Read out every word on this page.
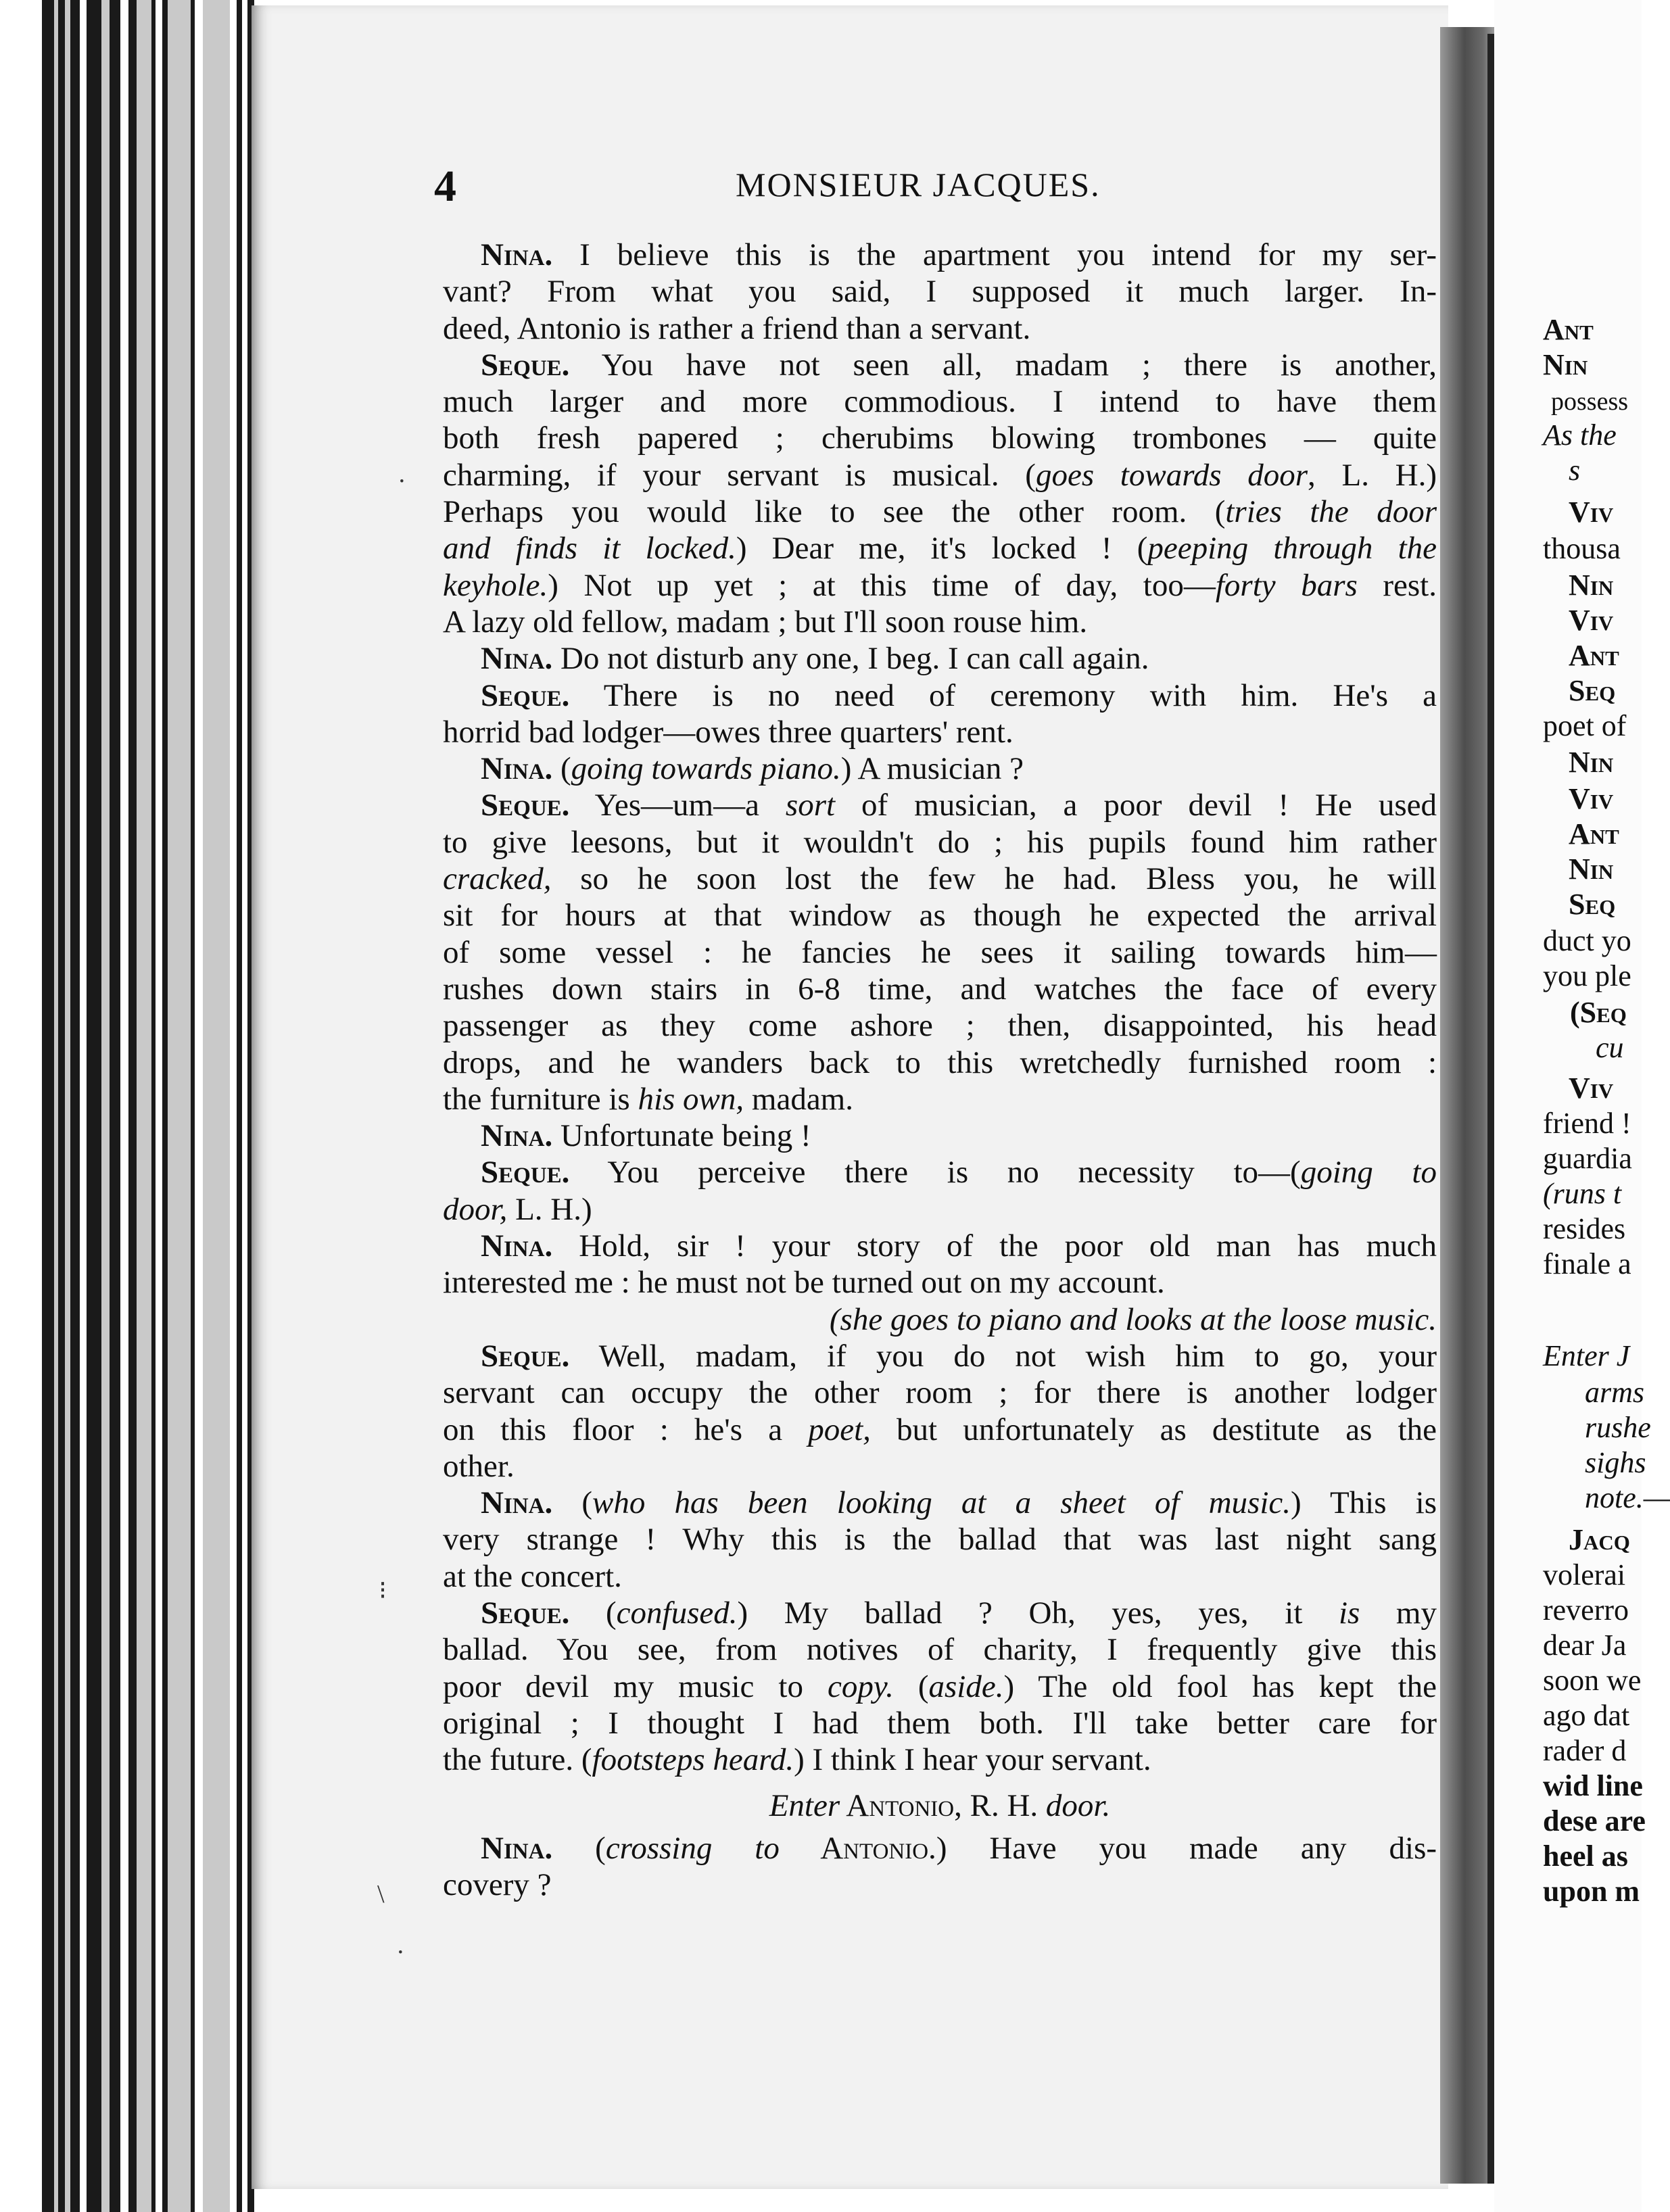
4	MONSIEUR JACQUES.
Nina. I believe this is the apartment you intend for my ser-
vant? From what you said, I supposed it much larger. In-
deed, Antonio is rather a friend than a servant.
Seque. You have not seen all, madam ; there is another,
much larger and more commodious. I intend to have them
both fresh papered ; cherubims blowing trombones — quite
charming, if your servant is musical. (goes towards door, L. H.)
Perhaps you would like to see the other room. (tries the door
and finds it locked.) Dear me, it's locked ! (peeping through the
keyhole.) Not up yet ; at this time of day, too—forty bars rest.
A lazy old fellow, madam ; but I'll soon rouse him.
Nina. Do not disturb any one, I beg. I can call again.
Seque. There is no need of ceremony with him. He's a
horrid bad lodger—owes three quarters' rent.
Nina. (going towards piano.) A musician ?
Seque. Yes—um—a sort of musician, a poor devil ! He used
to give leesons, but it wouldn't do ; his pupils found him rather
cracked, so he soon lost the few he had. Bless you, he will
sit for hours at that window as though he expected the arrival
of some vessel : he fancies he sees it sailing towards him—
rushes down stairs in 6-8 time, and watches the face of every
passenger as they come ashore ; then, disappointed, his head
drops, and he wanders back to this wretchedly furnished room :
the furniture is his own, madam.
Nina. Unfortunate being !
Seque. You perceive there is no necessity to—(going to
door, L. H.)
Nina. Hold, sir ! your story of the poor old man has much
interested me : he must not be turned out on my account.
(she goes to piano and looks at the loose music.
Seque. Well, madam, if you do not wish him to go, your
servant can occupy the other room ; for there is another lodger
on this floor : he's a poet, but unfortunately as destitute as the
other.
Nina. (who has been looking at a sheet of music.) This is
very strange ! Why this is the ballad that was last night sang
at the concert.
Seque. (confused.) My ballad ? Oh, yes, yes, it is my
ballad. You see, from notives of charity, I frequently give this
poor devil my music to copy. (aside.) The old fool has kept the
original ; I thought I had them both. I'll take better care for
the future. (footsteps heard.) I think I hear your servant.
Enter Antonio, R. H. door.
Nina. (crossing to Antonio.) Have you made any dis-
covery ?
Ant
Nin
possess
As the
s
Viv
thousa
Nin
Viv
Ant
Seq
poet of
Nin
Viv
Ant
Nin
Seq
duct yo
you ple
(Seq
cu
Viv
friend !
guardia
(runs t
resides
finale a
Enter J
arms
rushe
sighs
note.—
Jacq
volerai
reverro
dear Ja
soon we
ago dat
rader d
wid line
dese are
heel as
upon m
·
⁝
\
·
